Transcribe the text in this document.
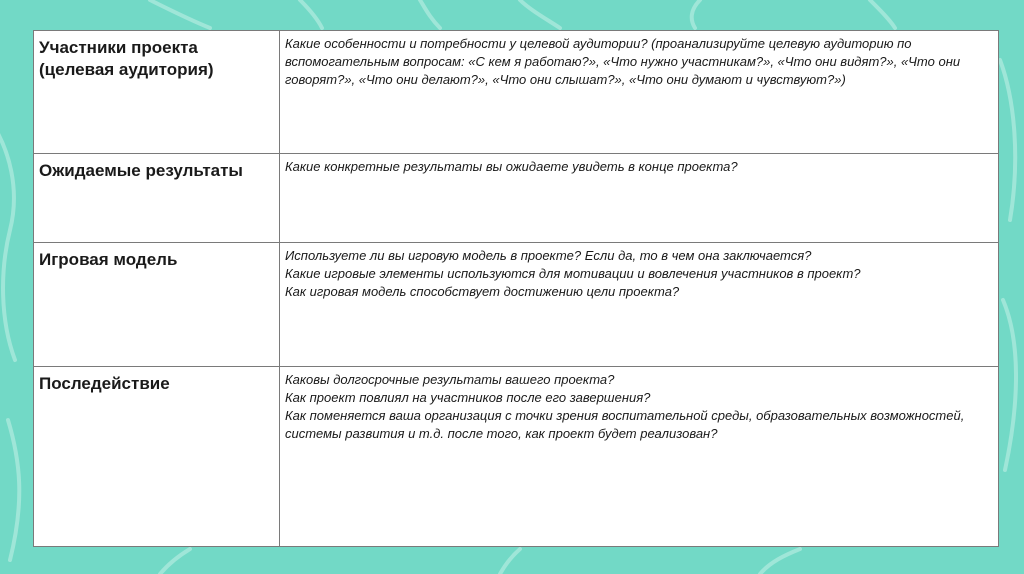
Участники проекта (целевая аудитория)	Какие особенности и потребности у целевой аудитории? (проанализируйте целевую аудиторию по вспомогательным вопросам: «С кем я работаю?», «Что нужно участникам?», «Что они видят?», «Что они говорят?», «Что они делают?», «Что они слышат?», «Что они думают и чувствуют?»)

Ожидаемые результаты	Какие конкретные результаты вы ожидаете увидеть в конце проекта?

Игровая модель	Используете ли вы игровую модель в проекте? Если да, то в чем она заключается?
Какие игровые элементы используются для мотивации и вовлечения участников в проект?
Как игровая модель способствует достижению цели проекта?

Последействие	Каковы долгосрочные результаты вашего проекта?
Как проект повлиял на участников после его завершения?
Как поменяется ваша организация с точки зрения воспитательной среды, образовательных возможностей, системы развития и т.д. после того, как проект будет реализован?
